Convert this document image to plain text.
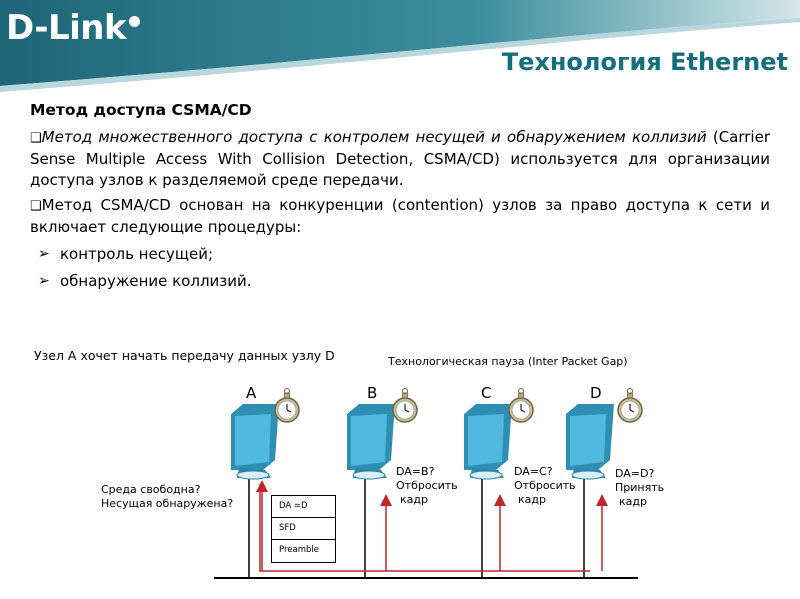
D-Link
Технология Ethernet
Метод доступа CSMA/CD

❑Метод множественного доступа с контролем несущей и обнаружением коллизий (Carrier Sense Multiple Access With Collision Detection, CSMA/CD) используется для организации доступа узлов к разделяемой среде передачи.

❑Метод CSMA/CD основан на конкуренции (contention) узлов за право доступа к сети и включает следующие процедуры:

➢ контроль несущей;
➢ обнаружение коллизий.
Узел А хочет начать передачу данных узлу D	Технологическая пауза (Inter Packet Gap)
A	B	C	D
DA=B?
Отбросить
кадр
DA=C?
Отбросить
кадр
DA=D?
Принять
кадр
Среда свободна?
Несущая обнаружена?	DA =D
SFD
Preamble
